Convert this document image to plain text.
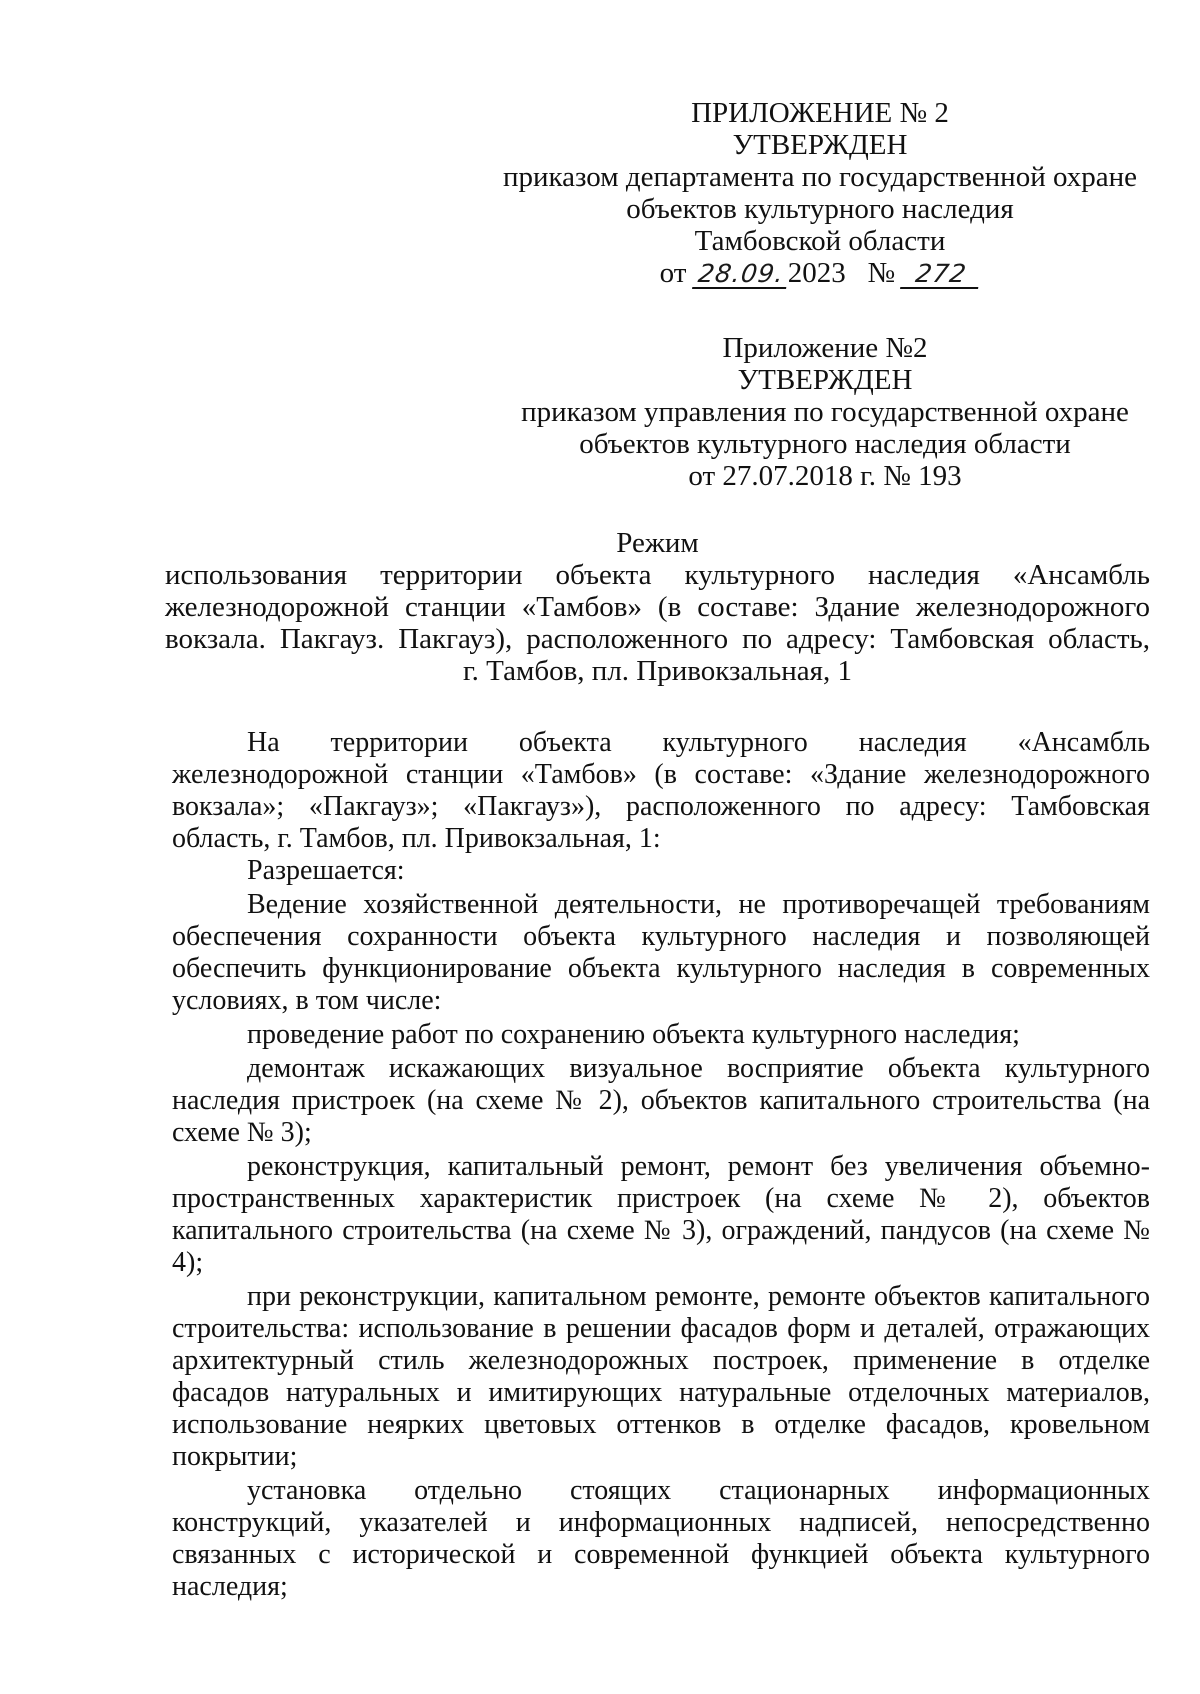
ПРИЛОЖЕНИЕ № 2
УТВЕРЖДЕН
приказом департамента по государственной охране
объектов культурного наследия
Тамбовской области
от 28.09.2023 № 272
Приложение №2
УТВЕРЖДЕН
приказом управления по государственной охране
объектов культурного наследия области
от 27.07.2018 г. № 193
Режим
использования территории объекта культурного наследия «Ансамбль
железнодорожной станции «Тамбов» (в составе: Здание железнодорожного
вокзала. Пакгауз. Пакгауз), расположенного по адресу: Тамбовская область,
г. Тамбов, пл. Привокзальная, 1
На территории объекта культурного наследия «Ансамбль
железнодорожной станции «Тамбов» (в составе: «Здание железнодорожного
вокзала»; «Пакгауз»; «Пакгауз»), расположенного по адресу: Тамбовская
область, г. Тамбов, пл. Привокзальная, 1:

Разрешается:

Ведение хозяйственной деятельности, не противоречащей требованиям обеспечения сохранности объекта культурного наследия и позволяющей обеспечить функционирование объекта культурного наследия в современных условиях, в том числе:

проведение работ по сохранению объекта культурного наследия;

демонтаж искажающих визуальное восприятие объекта культурного наследия пристроек (на схеме № 2), объектов капитального строительства (на схеме № 3);

реконструкция, капитальный ремонт, ремонт без увеличения объемно-пространственных характеристик пристроек (на схеме № 2), объектов капитального строительства (на схеме № 3), ограждений, пандусов (на схеме № 4);

при реконструкции, капитальном ремонте, ремонте объектов капитального строительства: использование в решении фасадов форм и деталей, отражающих архитектурный стиль железнодорожных построек, применение в отделке фасадов натуральных и имитирующих натуральные отделочных материалов, использование неярких цветовых оттенков в отделке фасадов, кровельном покрытии;

установка отдельно стоящих стационарных информационных конструкций, указателей и информационных надписей, непосредственно связанных с исторической и современной функцией объекта культурного наследия;
